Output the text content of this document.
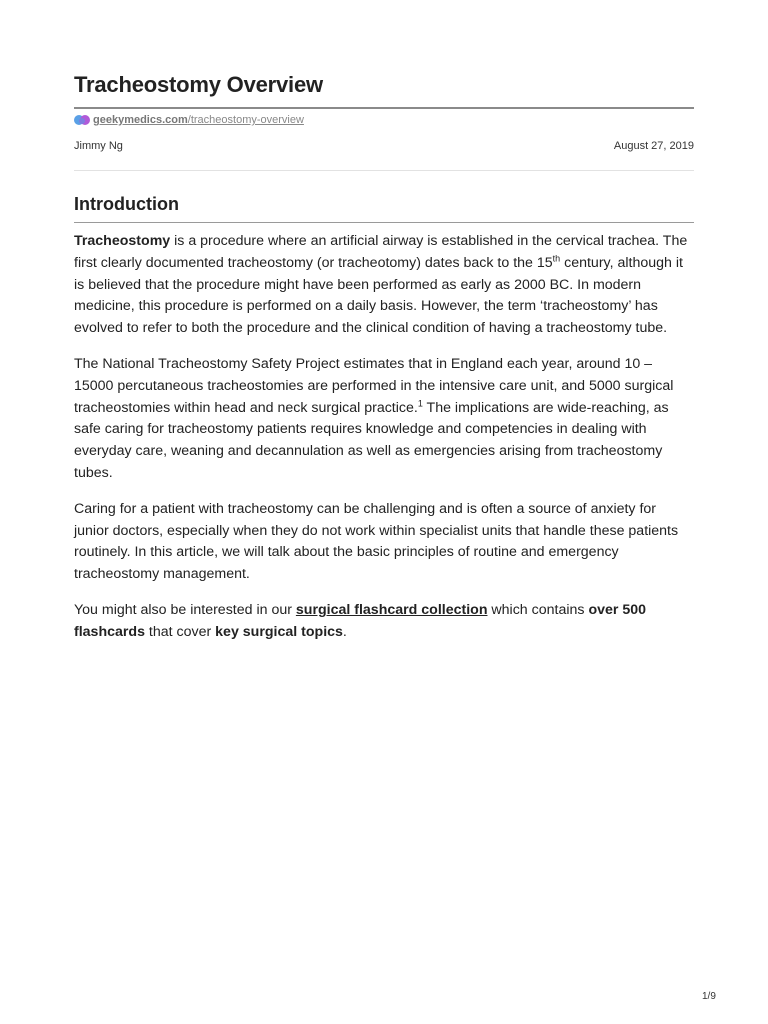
Tracheostomy Overview
geekymedics.com/tracheostomy-overview
Jimmy Ng	August 27, 2019
Introduction

Tracheostomy is a procedure where an artificial airway is established in the cervical trachea. The first clearly documented tracheostomy (or tracheotomy) dates back to the 15th century, although it is believed that the procedure might have been performed as early as 2000 BC. In modern medicine, this procedure is performed on a daily basis. However, the term ‘tracheostomy’ has evolved to refer to both the procedure and the clinical condition of having a tracheostomy tube.

The National Tracheostomy Safety Project estimates that in England each year, around 10 – 15000 percutaneous tracheostomies are performed in the intensive care unit, and 5000 surgical tracheostomies within head and neck surgical practice.$^1$ The implications are wide-reaching, as safe caring for tracheostomy patients requires knowledge and competencies in dealing with everyday care, weaning and decannulation as well as emergencies arising from tracheostomy tubes.

Caring for a patient with tracheostomy can be challenging and is often a source of anxiety for junior doctors, especially when they do not work within specialist units that handle these patients routinely. In this article, we will talk about the basic principles of routine and emergency tracheostomy management.

You might also be interested in our surgical flashcard collection which contains over 500 flashcards that cover key surgical topics.

1/9
